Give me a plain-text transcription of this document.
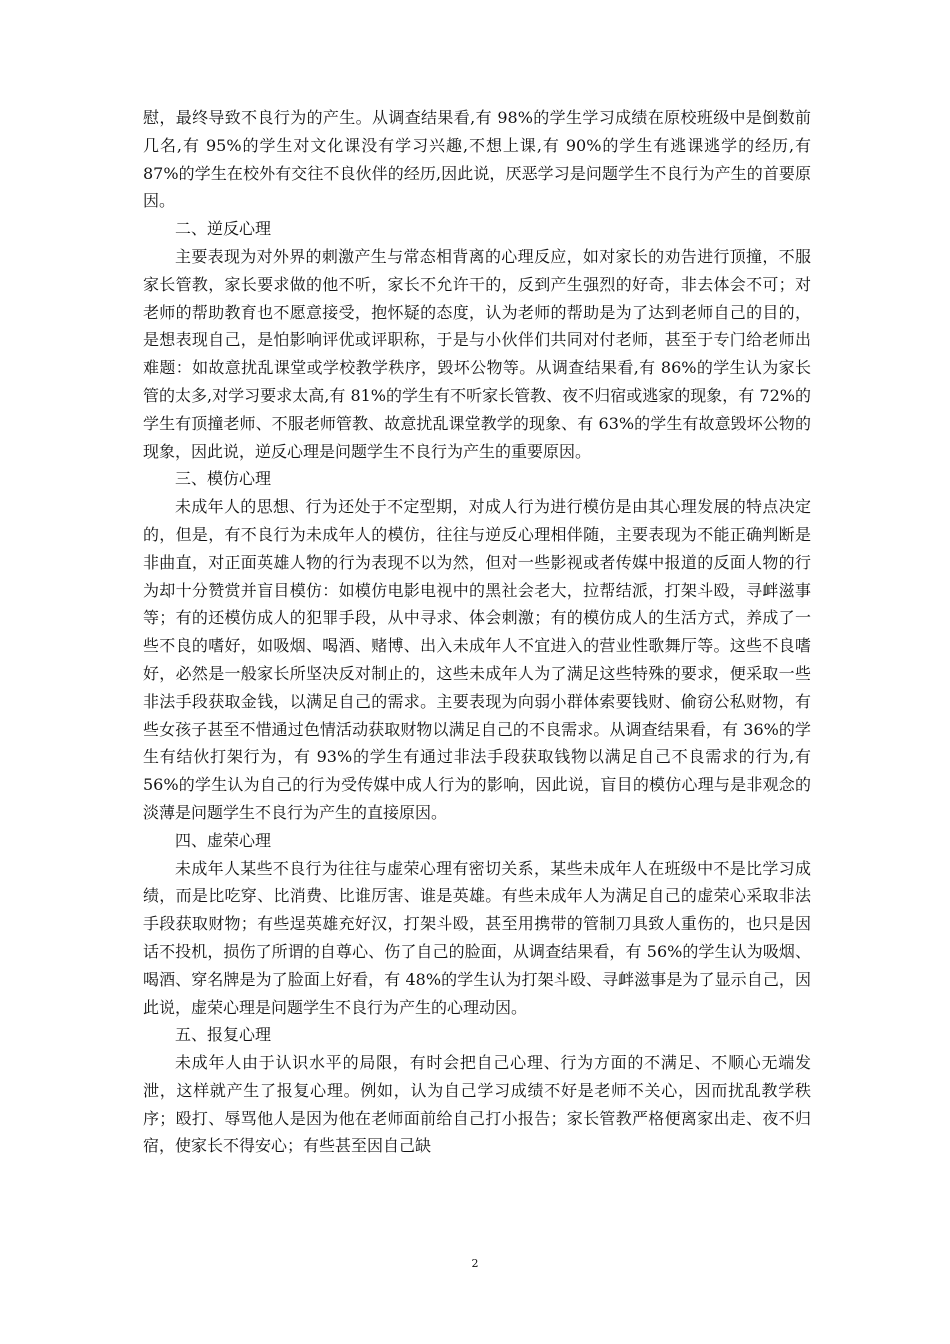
慰，最终导致不良行为的产生。从调查结果看,有 98%的学生学习成绩在原校班级中是倒数前几名,有 95%的学生对文化课没有学习兴趣,不想上课,有 90%的学生有逃课逃学的经历,有 87%的学生在校外有交往不良伙伴的经历,因此说，厌恶学习是问题学生不良行为产生的首要原因。

二、逆反心理

主要表现为对外界的刺激产生与常态相背离的心理反应，如对家长的劝告进行顶撞，不服家长管教，家长要求做的他不听，家长不允许干的，反到产生强烈的好奇，非去体会不可；对老师的帮助教育也不愿意接受，抱怀疑的态度，认为老师的帮助是为了达到老师自己的目的，是想表现自己，是怕影响评优或评职称，于是与小伙伴们共同对付老师，甚至于专门给老师出难题：如故意扰乱课堂或学校教学秩序，毁坏公物等。从调查结果看,有 86%的学生认为家长管的太多,对学习要求太高,有 81%的学生有不听家长管教、夜不归宿或逃家的现象，有 72%的学生有顶撞老师、不服老师管教、故意扰乱课堂教学的现象、有 63%的学生有故意毁坏公物的现象，因此说，逆反心理是问题学生不良行为产生的重要原因。

三、模仿心理

未成年人的思想、行为还处于不定型期，对成人行为进行模仿是由其心理发展的特点决定的，但是，有不良行为未成年人的模仿，往往与逆反心理相伴随，主要表现为不能正确判断是非曲直，对正面英雄人物的行为表现不以为然，但对一些影视或者传媒中报道的反面人物的行为却十分赞赏并盲目模仿：如模仿电影电视中的黑社会老大，拉帮结派，打架斗殴，寻衅滋事等；有的还模仿成人的犯罪手段，从中寻求、体会刺激；有的模仿成人的生活方式，养成了一些不良的嗜好，如吸烟、喝酒、赌博、出入未成年人不宜进入的营业性歌舞厅等。这些不良嗜好，必然是一般家长所坚决反对制止的，这些未成年人为了满足这些特殊的要求，便采取一些非法手段获取金钱，以满足自己的需求。主要表现为向弱小群体索要钱财、偷窃公私财物，有些女孩子甚至不惜通过色情活动获取财物以满足自己的不良需求。从调查结果看，有 36%的学生有结伙打架行为，有 93%的学生有通过非法手段获取钱物以满足自己不良需求的行为,有 56%的学生认为自己的行为受传媒中成人行为的影响，因此说，盲目的模仿心理与是非观念的淡薄是问题学生不良行为产生的直接原因。

四、虚荣心理

未成年人某些不良行为往往与虚荣心理有密切关系，某些未成年人在班级中不是比学习成绩，而是比吃穿、比消费、比谁厉害、谁是英雄。有些未成年人为满足自己的虚荣心采取非法手段获取财物；有些逞英雄充好汉，打架斗殴，甚至用携带的管制刀具致人重伤的，也只是因话不投机，损伤了所谓的自尊心、伤了自己的脸面，从调查结果看，有 56%的学生认为吸烟、喝酒、穿名牌是为了脸面上好看，有 48%的学生认为打架斗殴、寻衅滋事是为了显示自己，因此说，虚荣心理是问题学生不良行为产生的心理动因。

五、报复心理

未成年人由于认识水平的局限，有时会把自己心理、行为方面的不满足、不顺心无端发泄，这样就产生了报复心理。例如，认为自己学习成绩不好是老师不关心，因而扰乱教学秩序；殴打、辱骂他人是因为他在老师面前给自己打小报告；家长管教严格便离家出走、夜不归宿，使家长不得安心；有些甚至因自己缺

2
